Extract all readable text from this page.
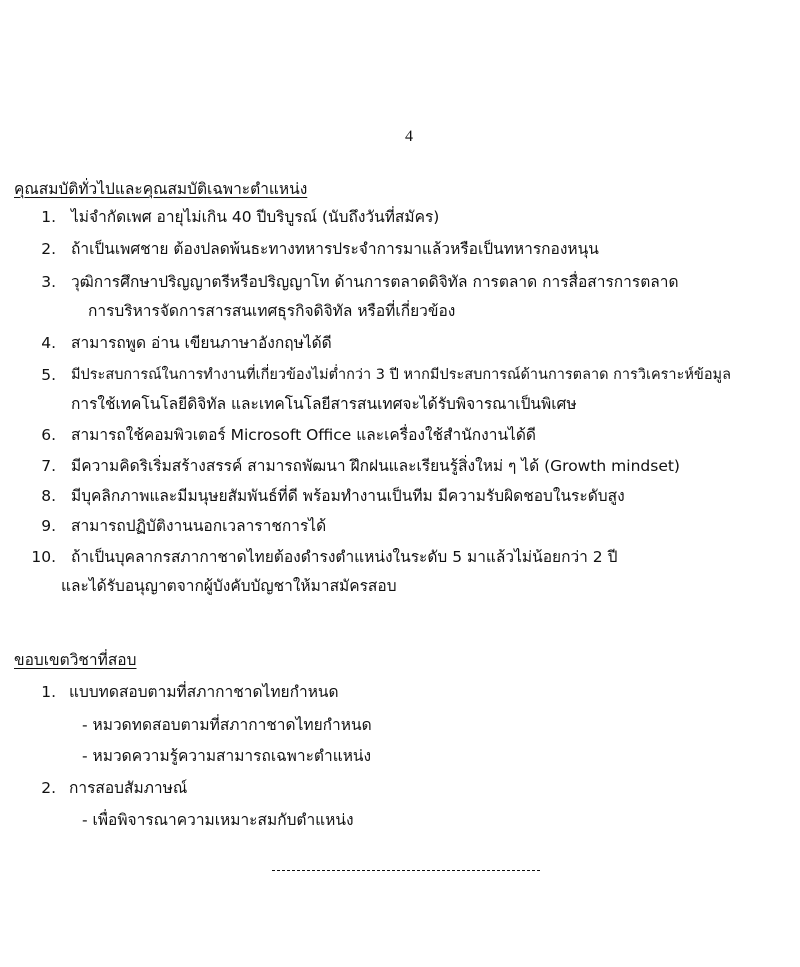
4
คุณสมบัติทั่วไปและคุณสมบัติเฉพาะตำแหน่ง
1. ไม่จำกัดเพศ อายุไม่เกิน 40 ปีบริบูรณ์ (นับถึงวันที่สมัคร)
2. ถ้าเป็นเพศชาย ต้องปลดพ้นธะทางทหารประจำการมาแล้วหรือเป็นทหารกองหนุน
3. วุฒิการศึกษาปริญญาตรีหรือปริญญาโท ด้านการตลาดดิจิทัล การตลาด การสื่อสารการตลาด
การบริหารจัดการสารสนเทศธุรกิจดิจิทัล หรือที่เกี่ยวข้อง
4. สามารถพูด อ่าน เขียนภาษาอังกฤษได้ดี
5. มีประสบการณ์ในการทำงานที่เกี่ยวข้องไม่ต่ำกว่า 3 ปี หากมีประสบการณ์ด้านการตลาด การวิเคราะห์ข้อมูล
การใช้เทคโนโลยีดิจิทัล และเทคโนโลยีสารสนเทศจะได้รับพิจารณาเป็นพิเศษ
6. สามารถใช้คอมพิวเตอร์ Microsoft Office และเครื่องใช้สำนักงานได้ดี
7. มีความคิดริเริ่มสร้างสรรค์ สามารถพัฒนา ฝึกฝนและเรียนรู้สิ่งใหม่ ๆ ได้ (Growth mindset)
8. มีบุคลิกภาพและมีมนุษยสัมพันธ์ที่ดี พร้อมทำงานเป็นทีม มีความรับผิดชอบในระดับสูง
9. สามารถปฏิบัติงานนอกเวลาราชการได้
10. ถ้าเป็นบุคลากรสภากาชาดไทยต้องดำรงตำแหน่งในระดับ 5 มาแล้วไม่น้อยกว่า 2 ปี
และได้รับอนุญาตจากผู้บังคับบัญชาให้มาสมัครสอบ
ขอบเขตวิชาที่สอบ
1. แบบทดสอบตามที่สภากาชาดไทยกำหนด
- หมวดทดสอบตามที่สภากาชาดไทยกำหนด
- หมวดความรู้ความสามารถเฉพาะตำแหน่ง
2. การสอบสัมภาษณ์
- เพื่อพิจารณาความเหมาะสมกับตำแหน่ง
